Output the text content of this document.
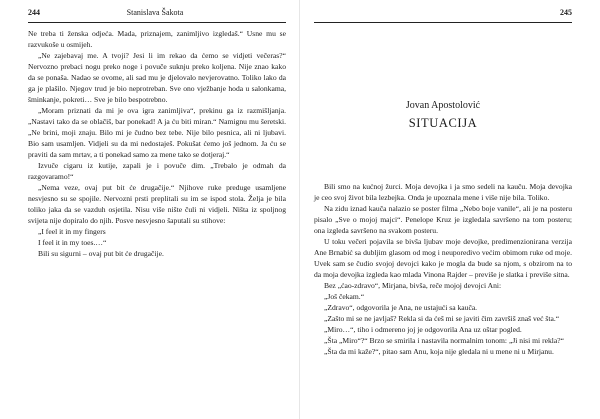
244	Stanislava Šakota

Ne treba ti ženska odjeća. Mada, priznajem, zanimljivo izgledaš.“ Usne mu se razvukoše u osmijeh.

„Ne zajebavaj me. A tvoji? Jesi li im rekao da ćemo se vidjeti večeras?“ Nervozno prebaci nogu preko noge i povuče suknju preko koljena. Nije znao kako da se ponaša. Nadao se ovome, ali sad mu je djelovalo nevjerovatno. Toliko lako da ga je plašilo. Njegov trud je bio neprotreban. Sve ono vježbanje hoda u salonkama, šminkanje, pokreti… Sve je bilo bespotrebno.

„Moram priznati da mi je ova igra zanimljiva“, prekinu ga iz razmišljanja. „Nastavi tako da se oblačiš, bar ponekad! A ja ću biti miran.“ Namignu mu šeretski. „Ne brini, moji znaju. Bilo mi je čudno bez tebe. Nije bilo pesnica, ali ni ljubavi. Bio sam usamljen. Vidjeli su da mi nedostaješ. Pokušat ćemo još jednom. Ja ću se praviti da sam mrtav, a ti ponekad samo za mene tako se dotjeraj.“

Izvuče cigaru iz kutije, zapali je i povuče dim. „Trebalo je odmah da razgovaramo!“

„Nema veze, ovaj put bit će drugačije.“ Njihove ruke preduge usamljene nesvjesno su se spojile. Nervozni prsti preplitali su im se ispod stola. Želja je bila toliko jaka da se vazduh osjetila. Nisu više nište čuli ni vidjeli. Ništa iz spoljnog svijeta nije dopiralo do njih. Posve nesvjesno šaputali su stihove:

„I feel it in my fingers

I feel it in my toes.…“

Bili su sigurni – ovaj put bit će drugačije.

245
Jovan Apostolović
SITUACIJA

Bili smo na kućnoj žurci. Moja devojka i ja smo sedeli na kauču. Moja devojka je ceo svoj život bila lezbejka. Onda je upoznala mene i više nije bila. Toliko.

Na zidu iznad kauča nalazio se poster filma „Nebo boje vanile“, ali je na posteru pisalo „Sve o mojoj majci“. Penelope Kruz je izgledala savršeno na tom posteru; ona izgleda savršeno na svakom posteru.

U toku večeri pojavila se bivša ljubav moje devojke, predimenzionirana verzija Ane Brnabić sa dubljim glasom od mog i neuporedivo većim obimom ruke od moje. Uvek sam se čudio svojoj devojci kako je mogla da bude sa njom, s obzirom na to da moja devojka izgleda kao mlada Vinona Rajder – previše je slatka i previše sitna.

Bez „ćao-zdravo“, Mirjana, bivša, reče mojoj devojci Ani:

„Još čekam.“

„Zdravo“, odgovorila je Ana, ne ustajući sa kauča.

„Zašto mi se ne javljaš? Rekla si da ćeš mi se javiti čim završiš znaš već šta.“

„Miro…“, tiho i odmereno joj je odgovorila Ana uz oštar pogled.

„Šta „Miro“?“ Brzo se smirila i nastavila normalnim tonom: „Ji nisi mi rekla?“

„Šta da mi kaže?“, pitao sam Anu, koja nije gledala ni u mene ni u Mirjanu.
